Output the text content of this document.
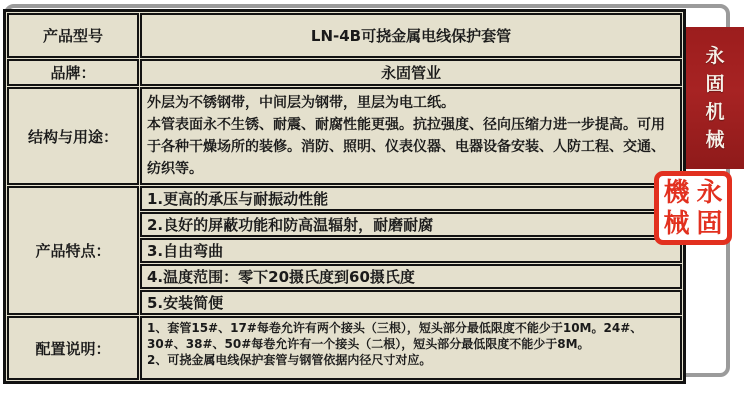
产品型号	LN-4B可挠金属电线保护套管
品牌：	永固管业
结构与用途：	外层为不锈钢带，中间层为钢带，里层为电工纸。

本管表面永不生锈、耐震、耐腐性能更强。抗拉强度、径向压缩力进一步提高。可用于各种干燥场所的装修。消防、照明、仪表仪器、电器设备安装、人防工程、交通、纺织等。

产品特点：	1.更高的承压与耐振动性能
	2.良好的屏蔽功能和防高温辐射，耐磨耐腐
	3.自由弯曲
	4.温度范围：零下20摄氏度到60摄氏度
	5.安装简便
配置说明：	1、套管15#、17#每卷允许有两个接头（三根），短头部分最低限度不能少于10M。24#、30#、38#、50#每卷允许有一个接头（二根），短头部分最低限度不能少于8M。

2、可挠金属电线保护套管与钢管依据内径尺寸对应。

永
固
机
械
機 永
械 固
